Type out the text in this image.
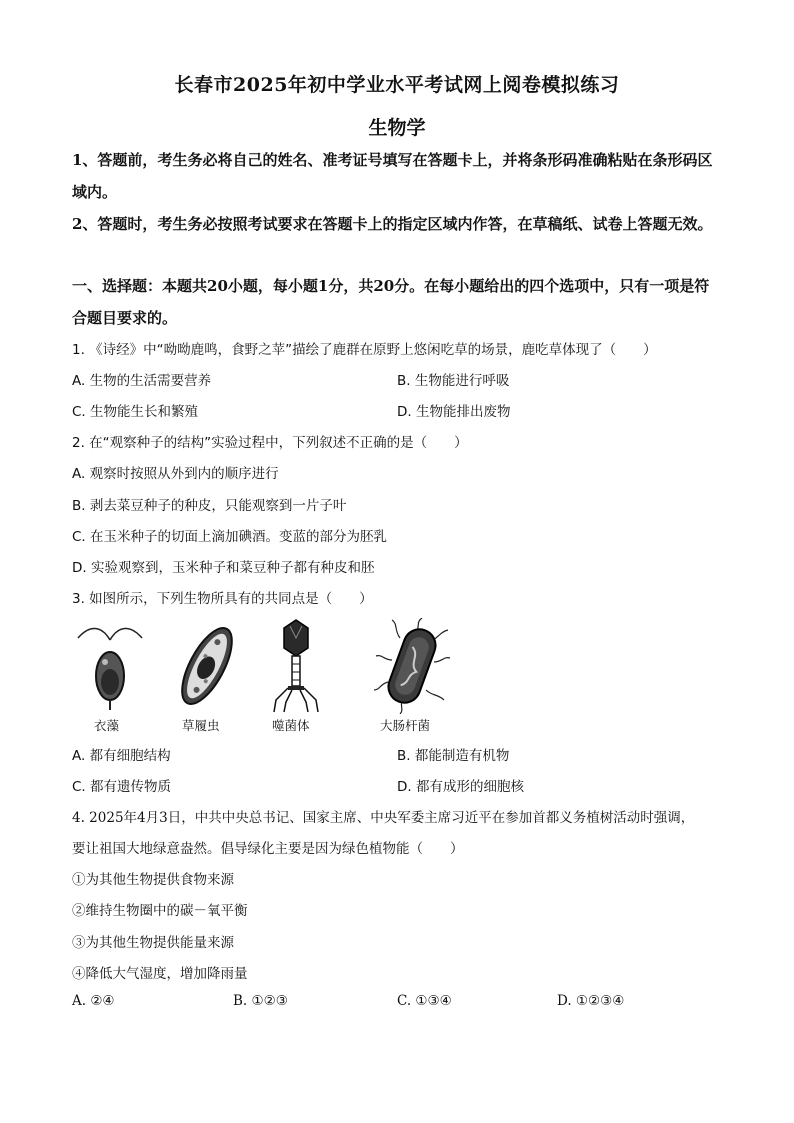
长春市2025年初中学业水平考试网上阅卷模拟练习
生物学
1、答题前，考生务必将自己的姓名、准考证号填写在答题卡上，并将条形码准确粘贴在条形码区域内。
2、答题时，考生务必按照考试要求在答题卡上的指定区域内作答，在草稿纸、试卷上答题无效。
一、选择题：本题共20小题，每小题1分，共20分。在每小题给出的四个选项中，只有一项是符合题目要求的。
1. 《诗经》中“呦呦鹿鸣，食野之苹”描绘了鹿群在原野上悠闲吃草的场景，鹿吃草体现了（　　）
A. 生物的生活需要营养	B. 生物能进行呼吸
C. 生物能生长和繁殖	D. 生物能排出废物
2. 在“观察种子的结构”实验过程中，下列叙述不正确的是（　　）
A. 观察时按照从外到内的顺序进行
B. 剥去菜豆种子的种皮，只能观察到一片子叶
C. 在玉米种子的切面上滴加碘酒。变蓝的部分为胚乳
D. 实验观察到，玉米种子和菜豆种子都有种皮和胚
3. 如图所示，下列生物所具有的共同点是（　　）
衣藻	草履虫	噬菌体	大肠杆菌
A. 都有细胞结构	B. 都能制造有机物
C. 都有遗传物质	D. 都有成形的细胞核
4. 2025年4月3日，中共中央总书记、国家主席、中央军委主席习近平在参加首都义务植树活动时强调，
要让祖国大地绿意盎然。倡导绿化主要是因为绿色植物能（　　）
①为其他生物提供食物来源
②维持生物圈中的碳－氧平衡
③为其他生物提供能量来源
④降低大气湿度，增加降雨量
A. ②④	B. ①②③	C. ①③④	D. ①②③④
